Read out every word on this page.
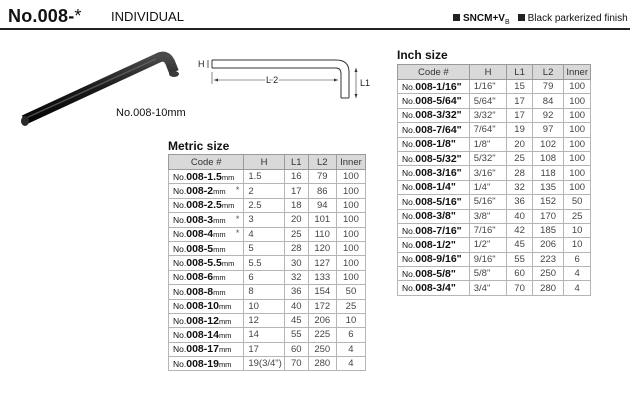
No.008-* INDIVIDUAL	$SNCM+V_B$ Black parkerized finish
No.008-10mm
H
L 2	L1
Metric size
Code #	H	L1	L2	Inner
No.008-1.5mm	1.5	16	79	100
No.008-2mm *	2	17	86	100
No.008-2.5mm	2.5	18	94	100
No.008-3mm *	3	20	101	100
No.008-4mm *	4	25	110	100
No.008-5mm	5	28	120	100
No.008-5.5mm	5.5	30	127	100
No.008-6mm	6	32	133	100
No.008-8mm	8	36	154	50
No.008-10mm	10	40	172	25
No.008-12mm	12	45	206	10
No.008-14mm	14	55	225	6
No.008-17mm	17	60	250	4
No.008-19mm	19(3/4")	70	280	4
Inch size
Code #	H	L1	L2	Inner
No.008-1/16"	1/16"	15	79	100
No.008-5/64"	5/64"	17	84	100
No.008-3/32"	3/32"	17	92	100
No.008-7/64"	7/64"	19	97	100
No.008-1/8"	1/8"	20	102	100
No.008-5/32"	5/32"	25	108	100
No.008-3/16"	3/16"	28	118	100
No.008-1/4"	1/4"	32	135	100
No.008-5/16"	5/16"	36	152	50
No.008-3/8"	3/8"	40	170	25
No.008-7/16"	7/16"	42	185	10
No.008-1/2"	1/2"	45	206	10
No.008-9/16"	9/16"	55	223	6
No.008-5/8"	5/8"	60	250	4
No.008-3/4"	3/4"	70	280	4
